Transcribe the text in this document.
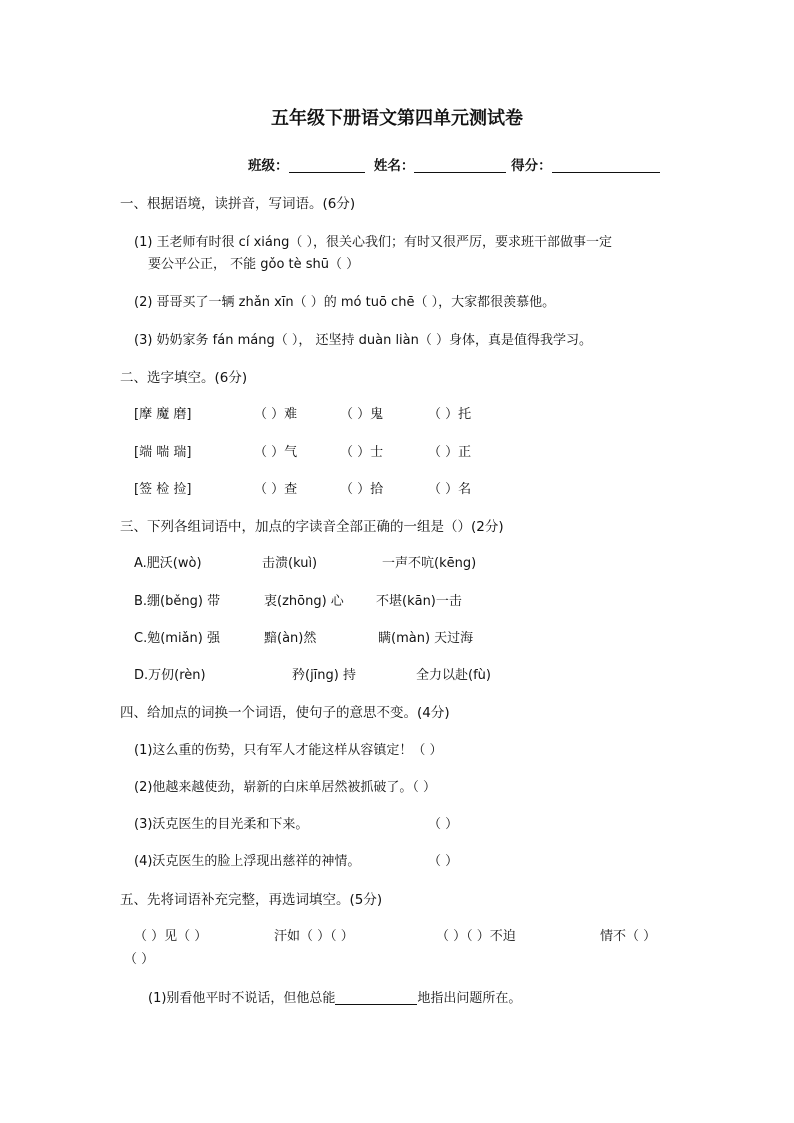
五年级下册语文第四单元测试卷
班级：	姓名：	得分：
一、根据语境，读拼音，写词语。(6分)
(1) 王老师有时很 cí xiáng（ ），很关心我们；有时又很严厉，要求班干部做事一定
要公平公正， 不能 gǒo tè shū（ ）
(2) 哥哥买了一辆 zhǎn xīn（ ）的 mó tuō chē（ ），大家都很羡慕他。
(3) 奶奶家务 fán máng（ ）， 还坚持 duàn liàn（ ）身体，真是值得我学习。
二、选字填空。(6分)
[摩 魔 磨]	（ ）难	（ ）鬼	（ ）托
[端 喘 瑞]	（ ）气	（ ）士	（ ）正
[签 检 捡]	（ ）查	（ ）拾	（ ）名
三、下列各组词语中，加点的字读音全部正确的一组是（）(2分)
A.肥沃(wò)	击溃(kuì)	一声不吭(kēng)
B.绷(běng) 带	衷(zhōng) 心 不堪(kān)一击
C.勉(miǎn) 强	黯(àn)然	瞒(màn) 天过海
D.万仞(rèn)	矜(jīng) 持	全力以赴(fù)
四、给加点的词换一个词语，使句子的意思不变。(4分)
(1)这么重的伤势，只有军人才能这样从容镇定！（ ）
(2)他越来越使劲，崭新的白床单居然被抓破了。（ ）
(3)沃克医生的目光柔和下来。	（ ）
(4)沃克医生的脸上浮现出慈祥的神情。	（ ）
五、先将词语补充完整，再选词填空。(5分)
（ ）见（ ）	汗如（ ）（ ）	（ ）（ ）不迫	情不（ ）
（ ）
(1)别看他平时不说话，但他总能	地指出问题所在。
